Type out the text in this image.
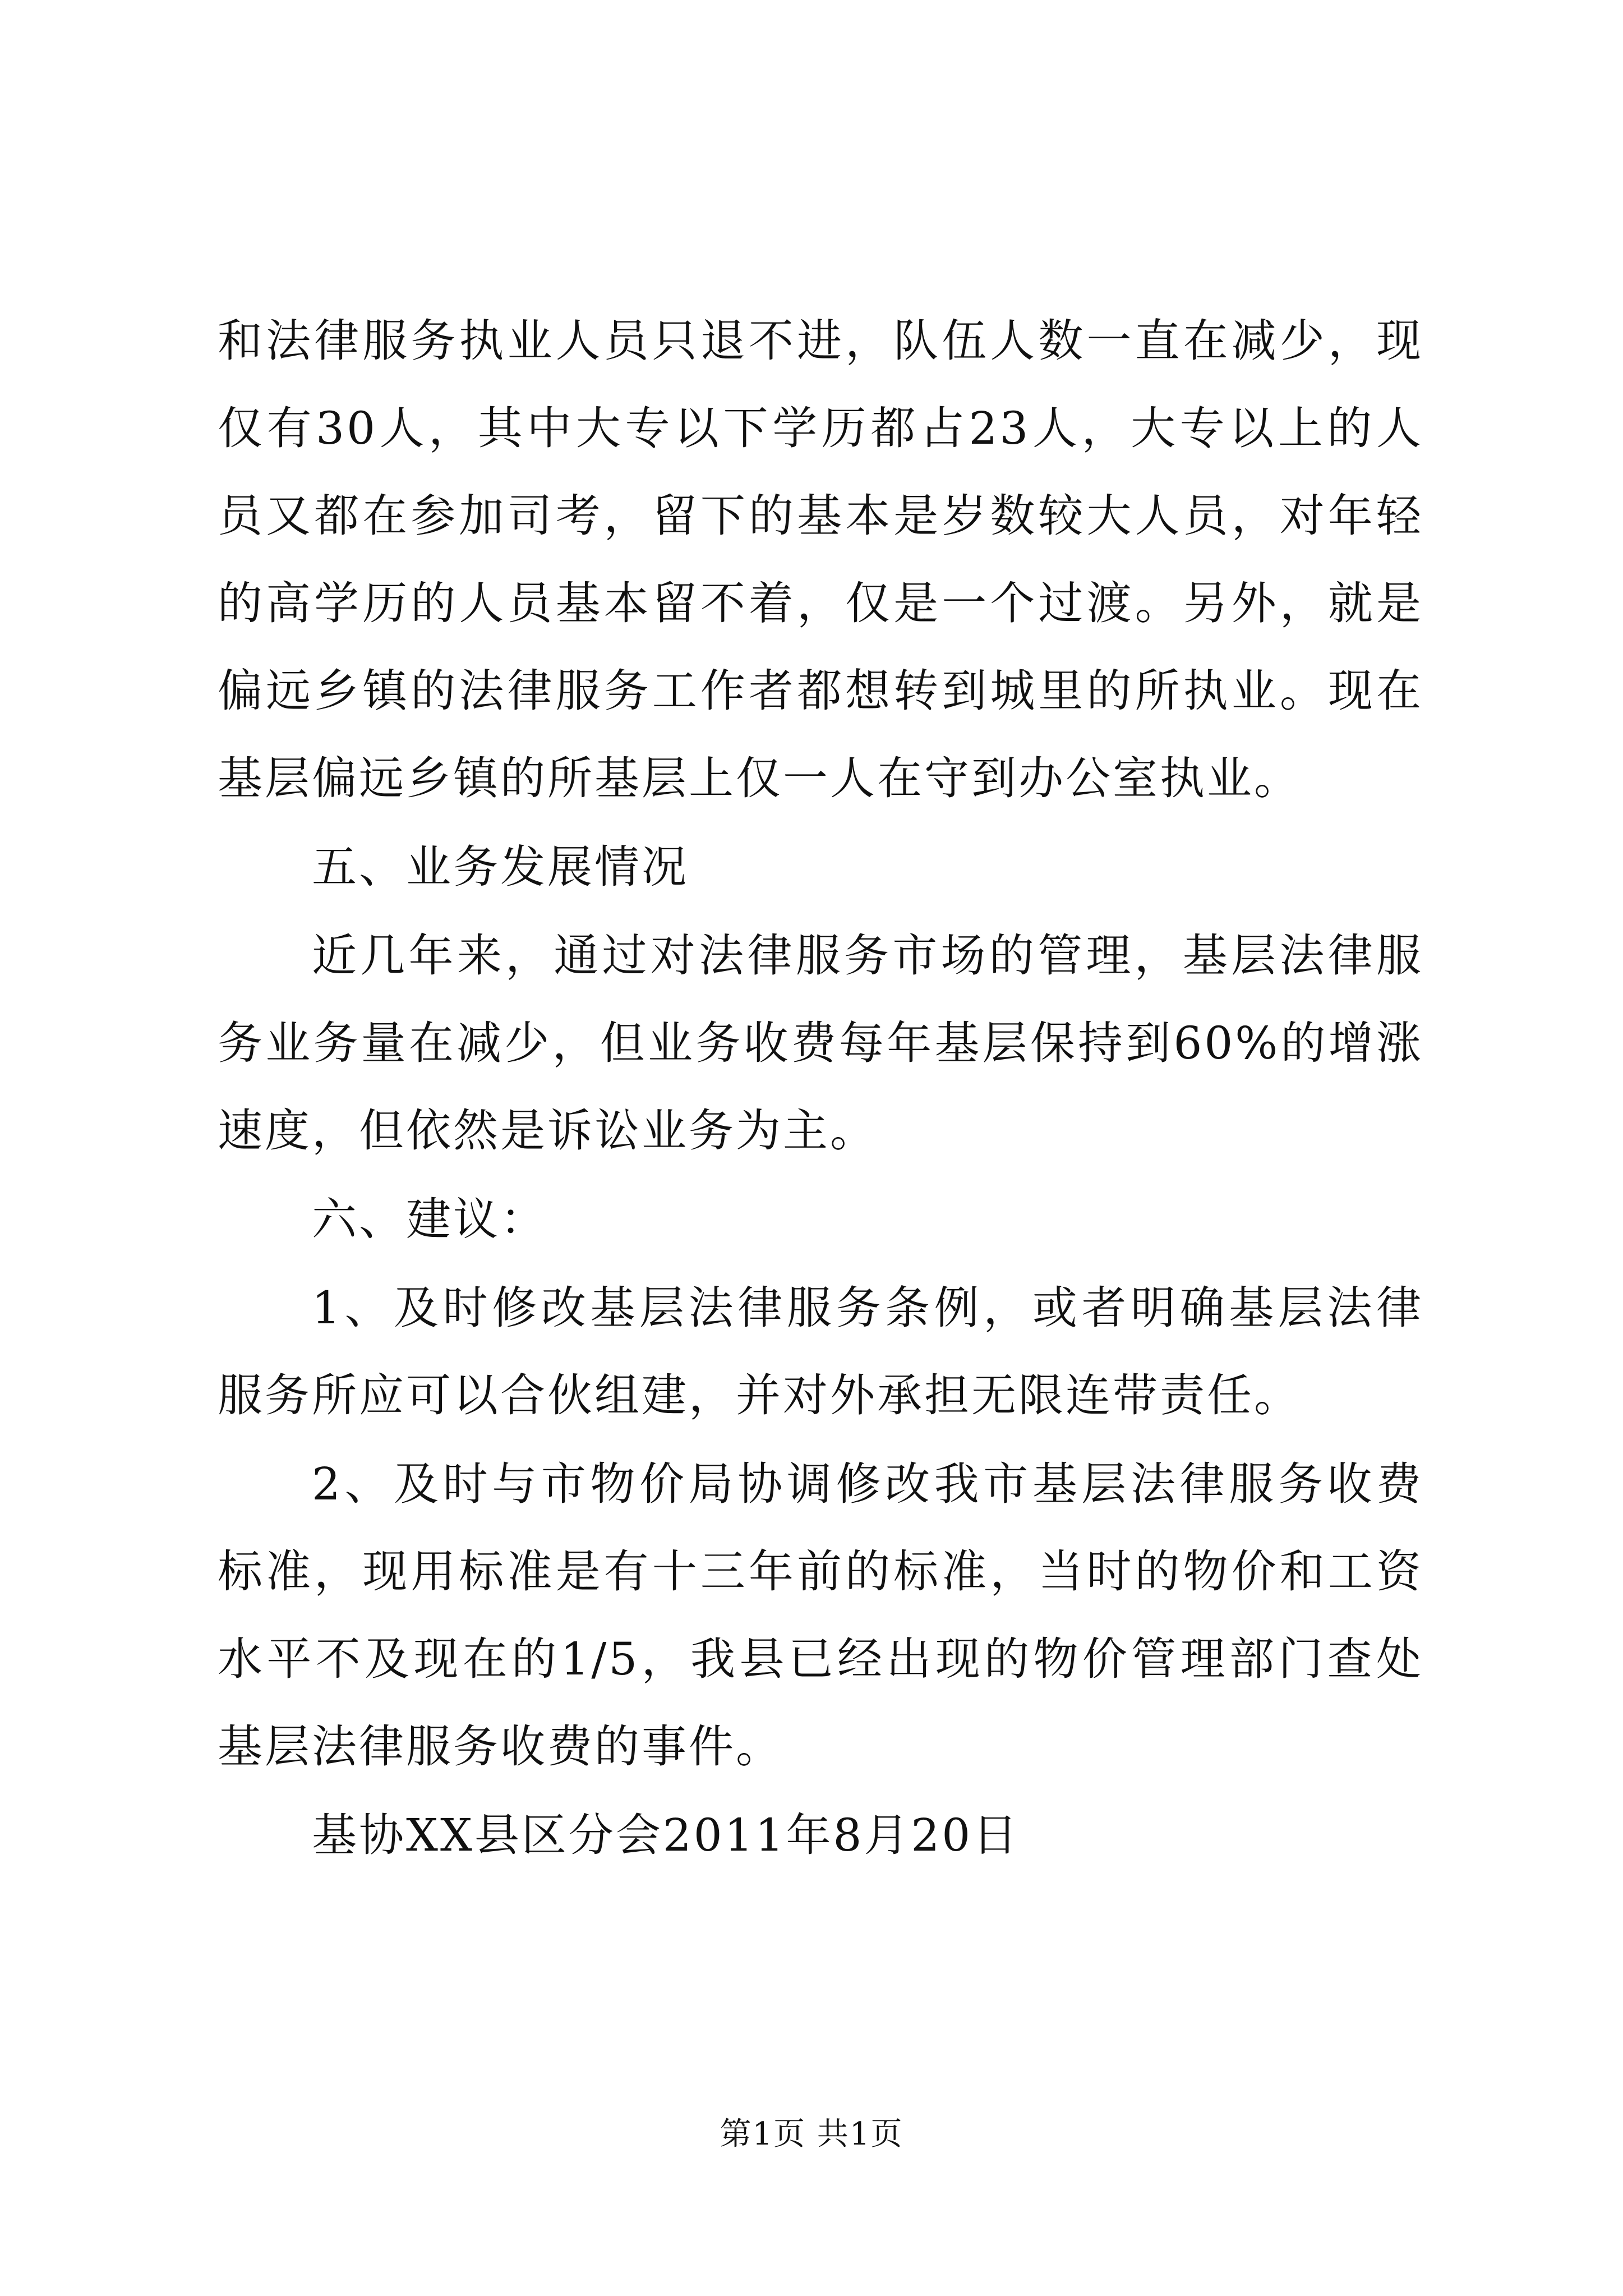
和法律服务执业人员只退不进，队伍人数一直在减少，现仅有30人，其中大专以下学历都占23人，大专以上的人员又都在参加司考，留下的基本是岁数较大人员，对年轻的高学历的人员基本留不着，仅是一个过渡。另外，就是偏远乡镇的法律服务工作者都想转到城里的所执业。现在基层偏远乡镇的所基层上仅一人在守到办公室执业。

五、业务发展情况

近几年来，通过对法律服务市场的管理，基层法律服务业务量在减少，但业务收费每年基层保持到60%的增涨速度，但依然是诉讼业务为主。

六、建议：

1、及时修改基层法律服务条例，或者明确基层法律服务所应可以合伙组建，并对外承担无限连带责任。

2、及时与市物价局协调修改我市基层法律服务收费标准，现用标准是有十三年前的标准，当时的物价和工资水平不及现在的1/5，我县已经出现的物价管理部门查处基层法律服务收费的事件。

基协XX县区分会2011年8月20日

第1页 共1页
